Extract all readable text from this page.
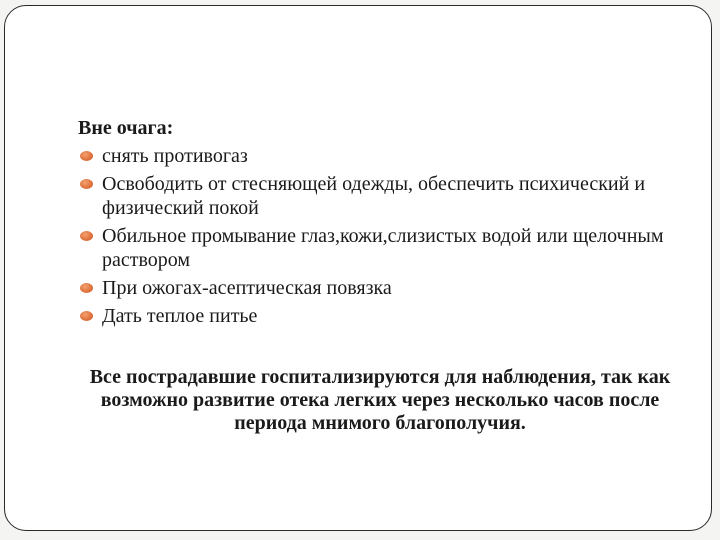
Вне очага:

снять противогаз
Освободить от стесняющей одежды, обеспечить психический и физический покой
Обильное промывание глаз,кожи,слизистых водой или щелочным раствором
При ожогах-асептическая повязка
Дать теплое питье

Все пострадавшие госпитализируются для наблюдения, так как возможно развитие отека легких через несколько часов после периода мнимого благополучия.
